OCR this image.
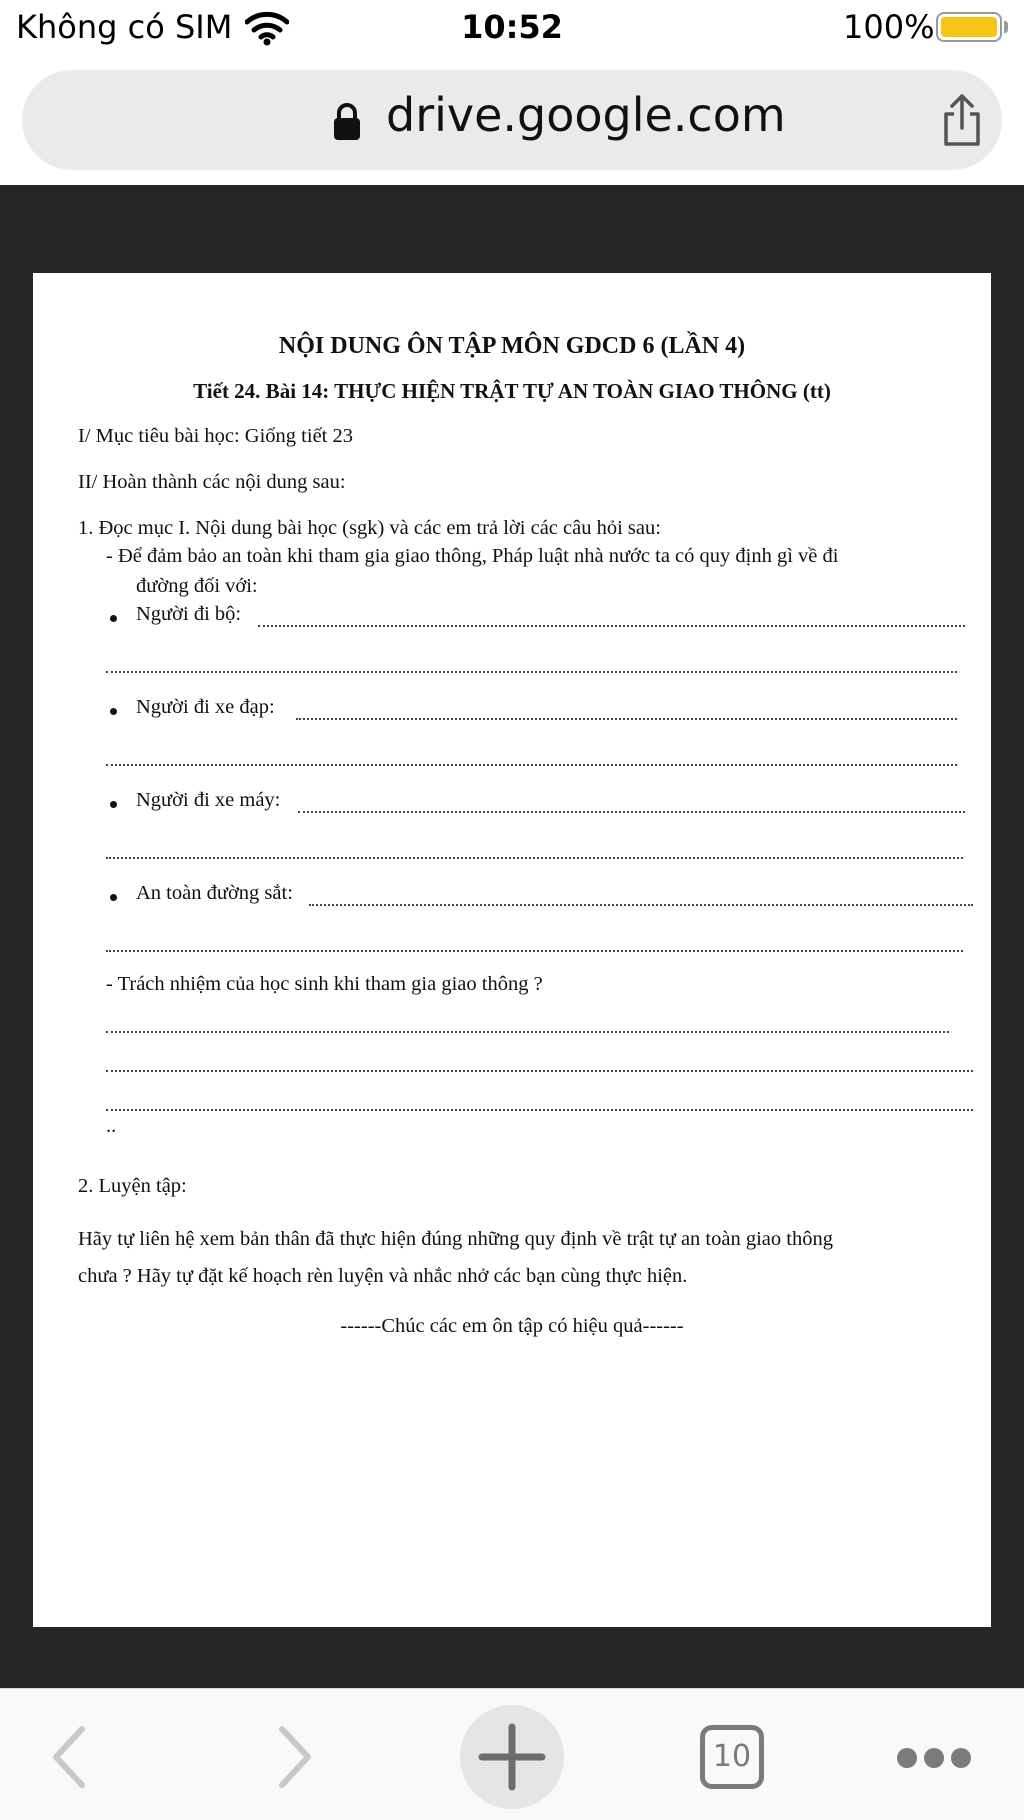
Không có SIM	10:52	100%
drive.google.com
NỘI DUNG ÔN TẬP MÔN GDCD 6 (LẦN 4)
Tiết 24. Bài 14: THỰC HIỆN TRẬT TỰ AN TOÀN GIAO THÔNG (tt)
I/ Mục tiêu bài học: Giống tiết 23
II/ Hoàn thành các nội dung sau:
1. Đọc mục I. Nội dung bài học (sgk) và các em trả lời các câu hỏi sau:
- Để đảm bảo an toàn khi tham gia giao thông, Pháp luật nhà nước ta có quy định gì về đi
đường đối với:
Người đi bộ:
Người đi xe đạp:
Người đi xe máy:
An toàn đường sắt:
- Trách nhiệm của học sinh khi tham gia giao thông ?
..
2. Luyện tập:
Hãy tự liên hệ xem bản thân đã thực hiện đúng những quy định về trật tự an toàn giao thông
chưa ? Hãy tự đặt kế hoạch rèn luyện và nhắc nhở các bạn cùng thực hiện.
------Chúc các em ôn tập có hiệu quả------
10
